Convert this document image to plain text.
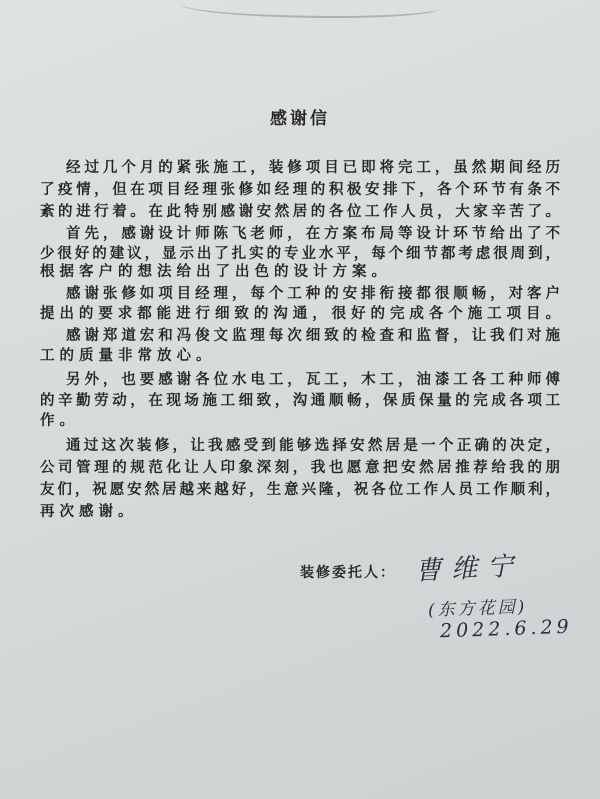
感谢信
经过几个月的紧张施工，装修项目已即将完工，虽然期间经历
了疫情，但在项目经理张修如经理的积极安排下，各个环节有条不
紊的进行着。在此特别感谢安然居的各位工作人员，大家辛苦了。
首先，感谢设计师陈飞老师，在方案布局等设计环节给出了不
少很好的建议，显示出了扎实的专业水平，每个细节都考虑很周到，
根据客户的想法给出了出色的设计方案。
感谢张修如项目经理，每个工种的安排衔接都很顺畅，对客户
提出的要求都能进行细致的沟通，很好的完成各个施工项目。
感谢郑道宏和冯俊文监理每次细致的检查和监督，让我们对施
工的质量非常放心。
另外，也要感谢各位水电工，瓦工，木工，油漆工各工种师傅
的辛勤劳动，在现场施工细致，沟通顺畅，保质保量的完成各项工
作。
通过这次装修，让我感受到能够选择安然居是一个正确的决定，
公司管理的规范化让人印象深刻，我也愿意把安然居推荐给我的朋
友们，祝愿安然居越来越好，生意兴隆，祝各位工作人员工作顺利，
再次感谢。
装修委托人： 曹维宁
(东方花园)
2022.6.29
